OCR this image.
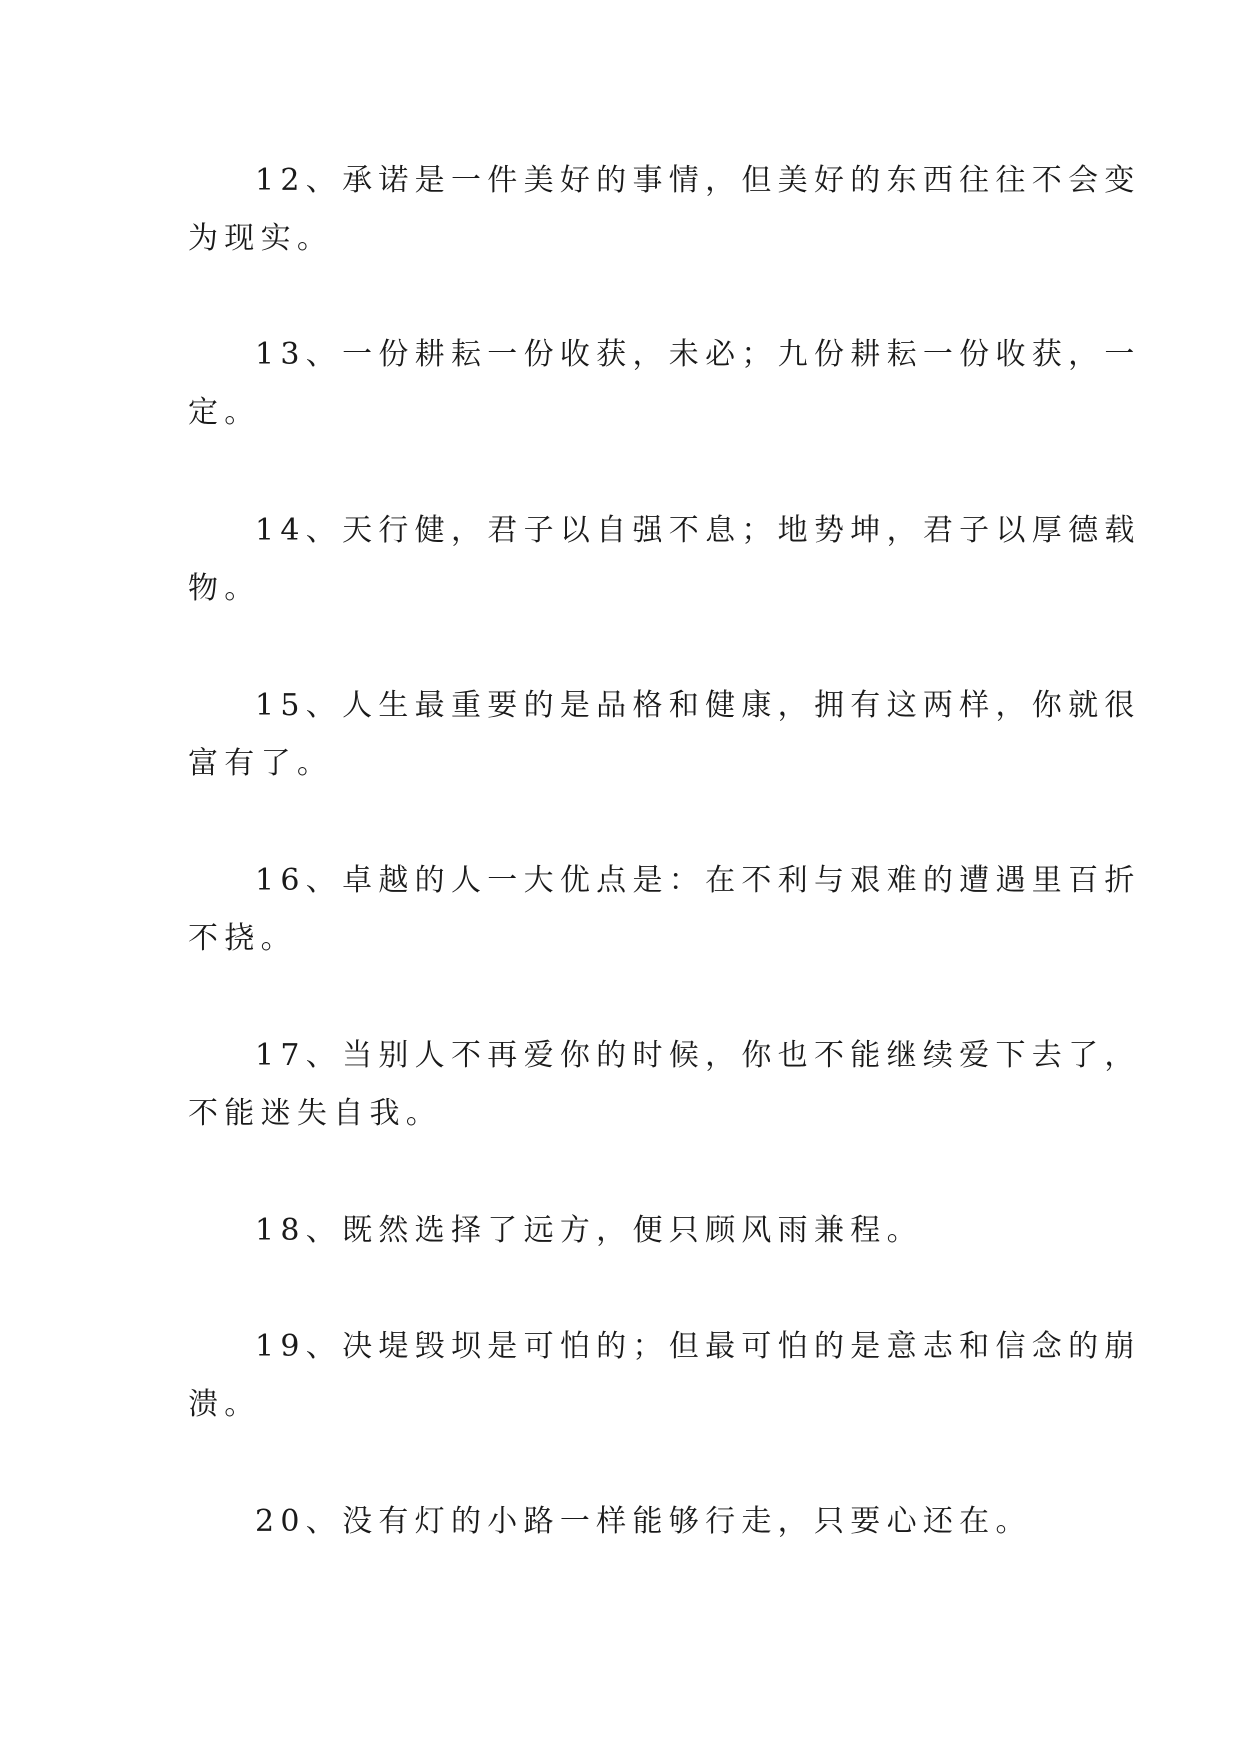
12、承诺是一件美好的事情，但美好的东西往往不会变
为现实。
13、一份耕耘一份收获，未必；九份耕耘一份收获，一
定。
14、天行健，君子以自强不息；地势坤，君子以厚德载
物。
15、人生最重要的是品格和健康，拥有这两样，你就很
富有了。
16、卓越的人一大优点是：在不利与艰难的遭遇里百折
不挠。
17、当别人不再爱你的时候，你也不能继续爱下去了，
不能迷失自我。
18、既然选择了远方，便只顾风雨兼程。
19、决堤毁坝是可怕的；但最可怕的是意志和信念的崩
溃。
20、没有灯的小路一样能够行走，只要心还在。
